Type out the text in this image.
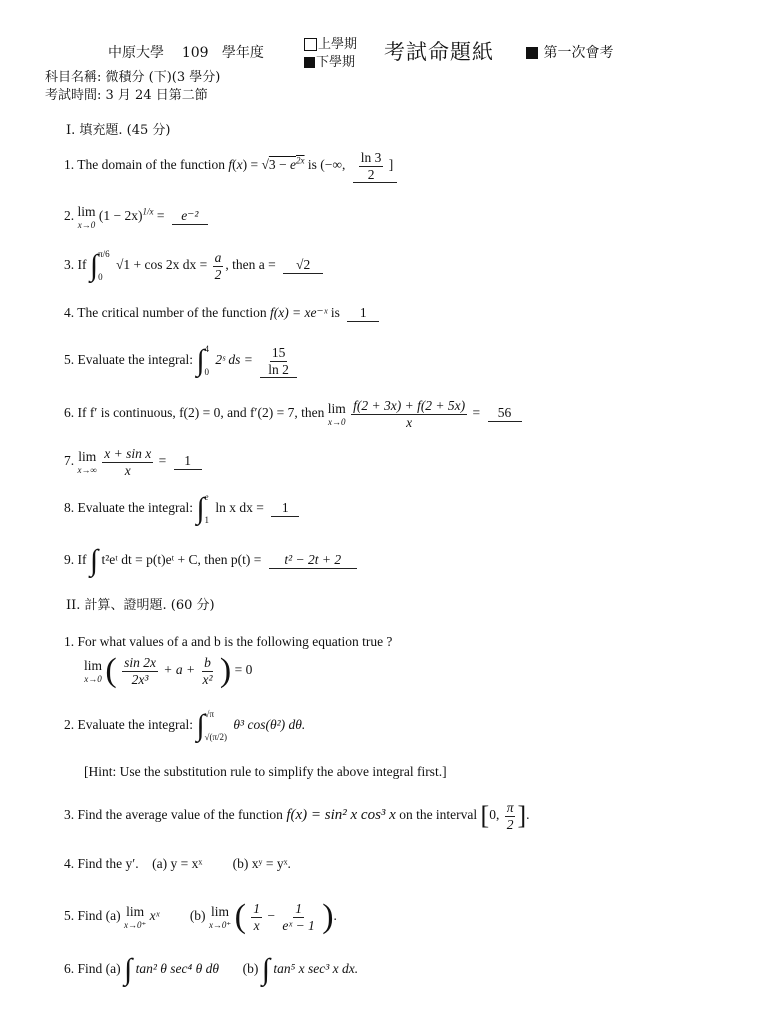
中原大學 109 學年度
上學期
下學期 考試命題紙	第一次會考
科目名稱: 微積分 (下)(3 學分)
考試時間: 3 月 24 日第二節
I. 填充題. (45 分)
1. The domain of the function $f(x) = √3 - e^{2x}$ is (−∞, $\frac{\ln 3}{2}$ ]
2. lim
x→0
$(1 - 2x)^{1/x} = e^{-2}$
3. If ∫ π/6
0
√1 + cos 2x dx = $\frac{a}{2}$ , then a = √2
4. The critical number of the function f(x) = xe⁻ˣ is 1
5. Evaluate the integral: ∫ 4
0
2ˢ ds = $\frac{15}{\ln 2}$
6. If f′ is continuous, f(2) = 0, and f′(2) = 7, then lim
x→0
$\frac{f(2 + 3x) + f(2 + 5x)}{x} = 56$
7. lim
x→∞
$\frac{\text{x + sin x}}{x} = 1$
8. Evaluate the integral: ∫ e
1
ln x dx = 1
9. If ∫ t²eᵗ dt = p(t)eᵗ + C, then p(t) = t² − 2t + 2
II. 計算、證明題. (60 分)
1. For what values of a and b is the following equation true ?
lim
x→0 ( $\frac{\sin 2x}{\text{2x³}} + a + \frac{b}{\text{x²}}$ ) = 0
2. Evaluate the integral: ∫ √π
√(π/2)
θ³ cos(θ²) dθ.
[Hint: Use the substitution rule to simplify the above integral first.]
3. Find the average value of the function f(x) = sin² x cos³ x on the interval [0, $\frac{\pi}{2}$ ].
4. Find the y′. (a) y = xˣ (b) xʸ = yˣ.
5. Find (a) lim
x→0⁺
xˣ (b) lim
x→0⁺ ( $\frac{1}{x} - \frac{1}{\text{eˣ − 1}}$ ).
6. Find (a) ∫ tan² θ sec⁴ θ dθ (b) ∫ tan⁵ x sec³ x dx.
